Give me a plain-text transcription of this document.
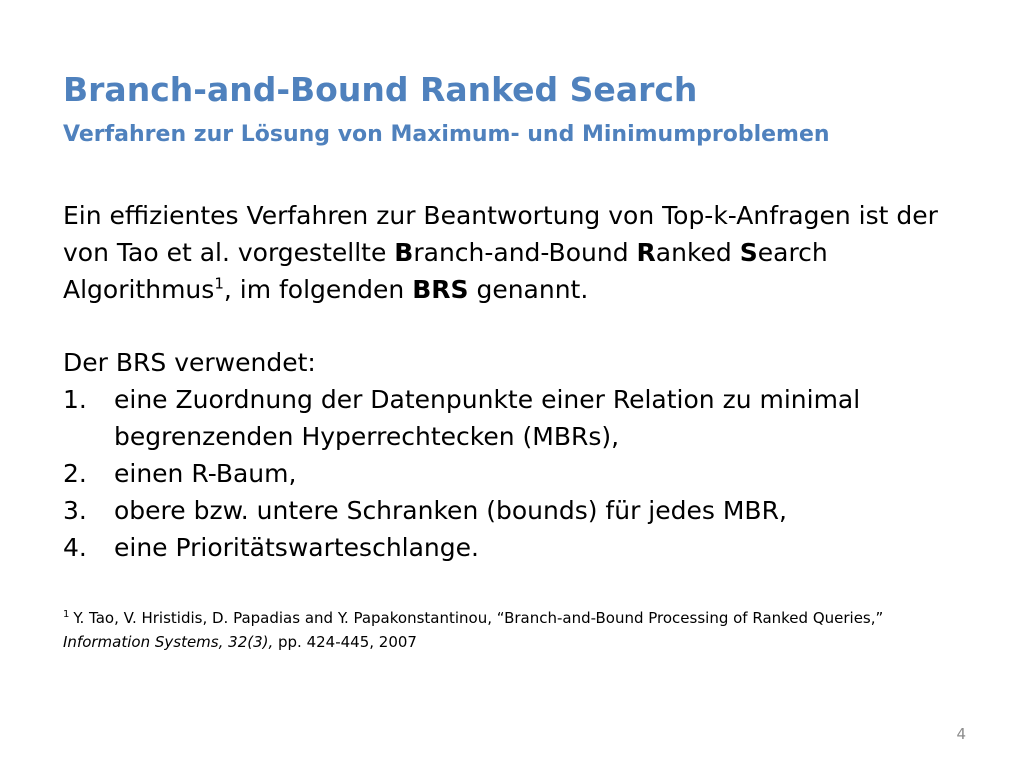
Branch-and-Bound Ranked Search
Verfahren zur Lösung von Maximum- und Minimumproblemen
Ein effizientes Verfahren zur Beantwortung von Top-k-Anfragen ist der
von Tao et al. vorgestellte Branch-and-Bound Ranked Search
Algorithmus$^1$, im folgenden BRS genannt.
Der BRS verwendet:
1. eine Zuordnung der Datenpunkte einer Relation zu minimal
begrenzenden Hyperrechtecken (MBRs),
2. einen R-Baum,
3. obere bzw. untere Schranken (bounds) für jedes MBR,
4. eine Prioritätswarteschlange.
$^1$ Y. Tao, V. Hristidis, D. Papadias and Y. Papakonstantinou, “Branch-and-Bound Processing of Ranked Queries,”
Information Systems, 32(3), pp. 424-445, 2007
4
